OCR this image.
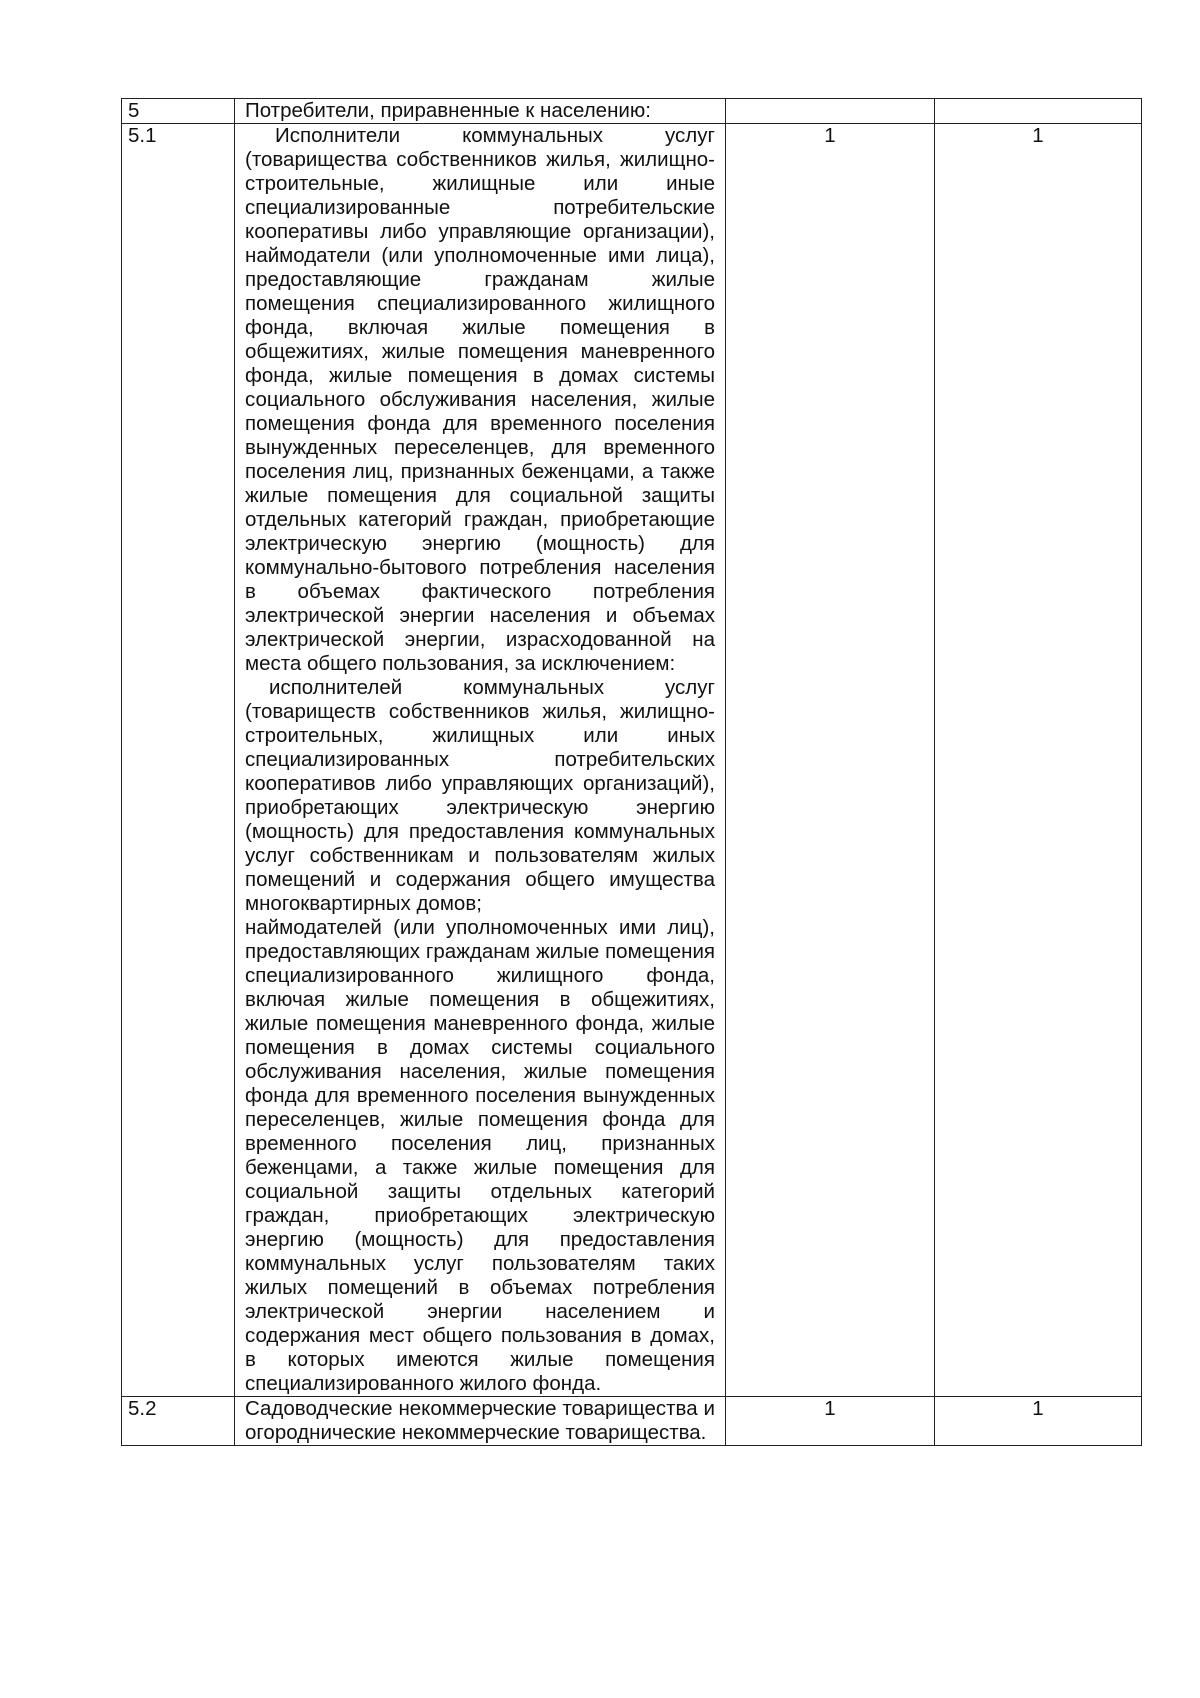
5	Потребители, приравненные к населению:		

5.1	Исполнители коммунальных услуг (товарищества собственников жилья, жилищно-строительные, жилищные или иные специализированные потребительские кооперативы либо управляющие организации), наймодатели (или уполномоченные ими лица), предоставляющие гражданам жилые помещения специализированного жилищного фонда, включая жилые помещения в общежитиях, жилые помещения маневренного фонда, жилые помещения в домах системы социального обслуживания населения, жилые помещения фонда для временного поселения вынужденных переселенцев, для временного поселения лиц, признанных беженцами, а также жилые помещения для социальной защиты отдельных категорий граждан, приобретающие электрическую энергию (мощность) для коммунально-бытового потребления населения в объемах фактического потребления электрической энергии населения и объемах электрической энергии, израсходованной на места общего пользования, за исключением:

исполнителей коммунальных услуг (товариществ собственников жилья, жилищно-строительных, жилищных или иных специализированных потребительских кооперативов либо управляющих организаций), приобретающих электрическую энергию (мощность) для предоставления коммунальных услуг собственникам и пользователям жилых помещений и содержания общего имущества многоквартирных домов;

наймодателей (или уполномоченных ими лиц), предоставляющих гражданам жилые помещения специализированного жилищного фонда, включая жилые помещения в общежитиях, жилые помещения маневренного фонда, жилые помещения в домах системы социального обслуживания населения, жилые помещения фонда для временного поселения вынужденных переселенцев, жилые помещения фонда для временного поселения лиц, признанных беженцами, а также жилые помещения для социальной защиты отдельных категорий граждан, приобретающих электрическую энергию (мощность) для предоставления коммунальных услуг пользователям таких жилых помещений в объемах потребления электрической энергии населением и содержания мест общего пользования в домах, в которых имеются жилые помещения специализированного жилого фонда.	1	1
5.2	Садоводческие некоммерческие товарищества и огороднические некоммерческие товарищества.	1	1
